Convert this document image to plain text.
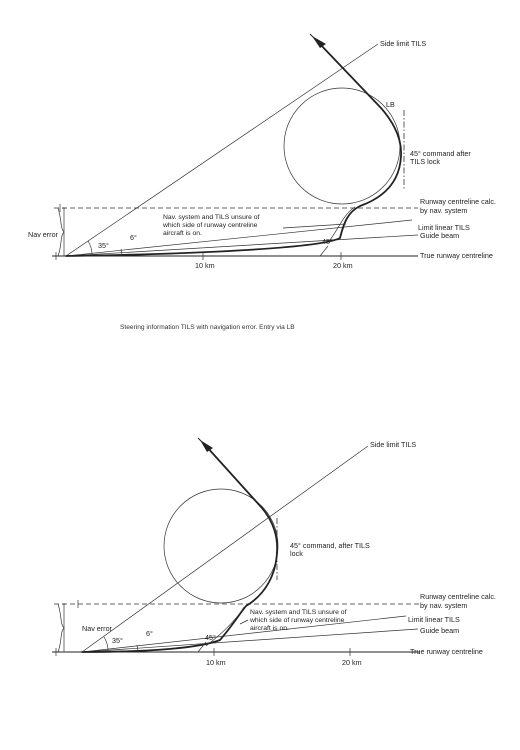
Side limit TILS
LB
45° command after
TILS lock
Runway centreline calc.
by nav. system
Nav. system and TILS unsure of
which side of runway centreline
aircraft is on.
Limit linear TILS
Guide beam
True runway centreline
Nav error
35°
6°	45°
10 km	20 km
Steering information TILS with navigation error. Entry via LB
Side limit TILS
45° command, after TILS
lock
Runway centreline calc.
by nav. system
Nav. system and TILS unsure of
which side of runway centreline
aircraft is on.
Limit linear TILS
Guide beam
True runway centreline
Nav error
35°
6°	45°
10 km	20 km
